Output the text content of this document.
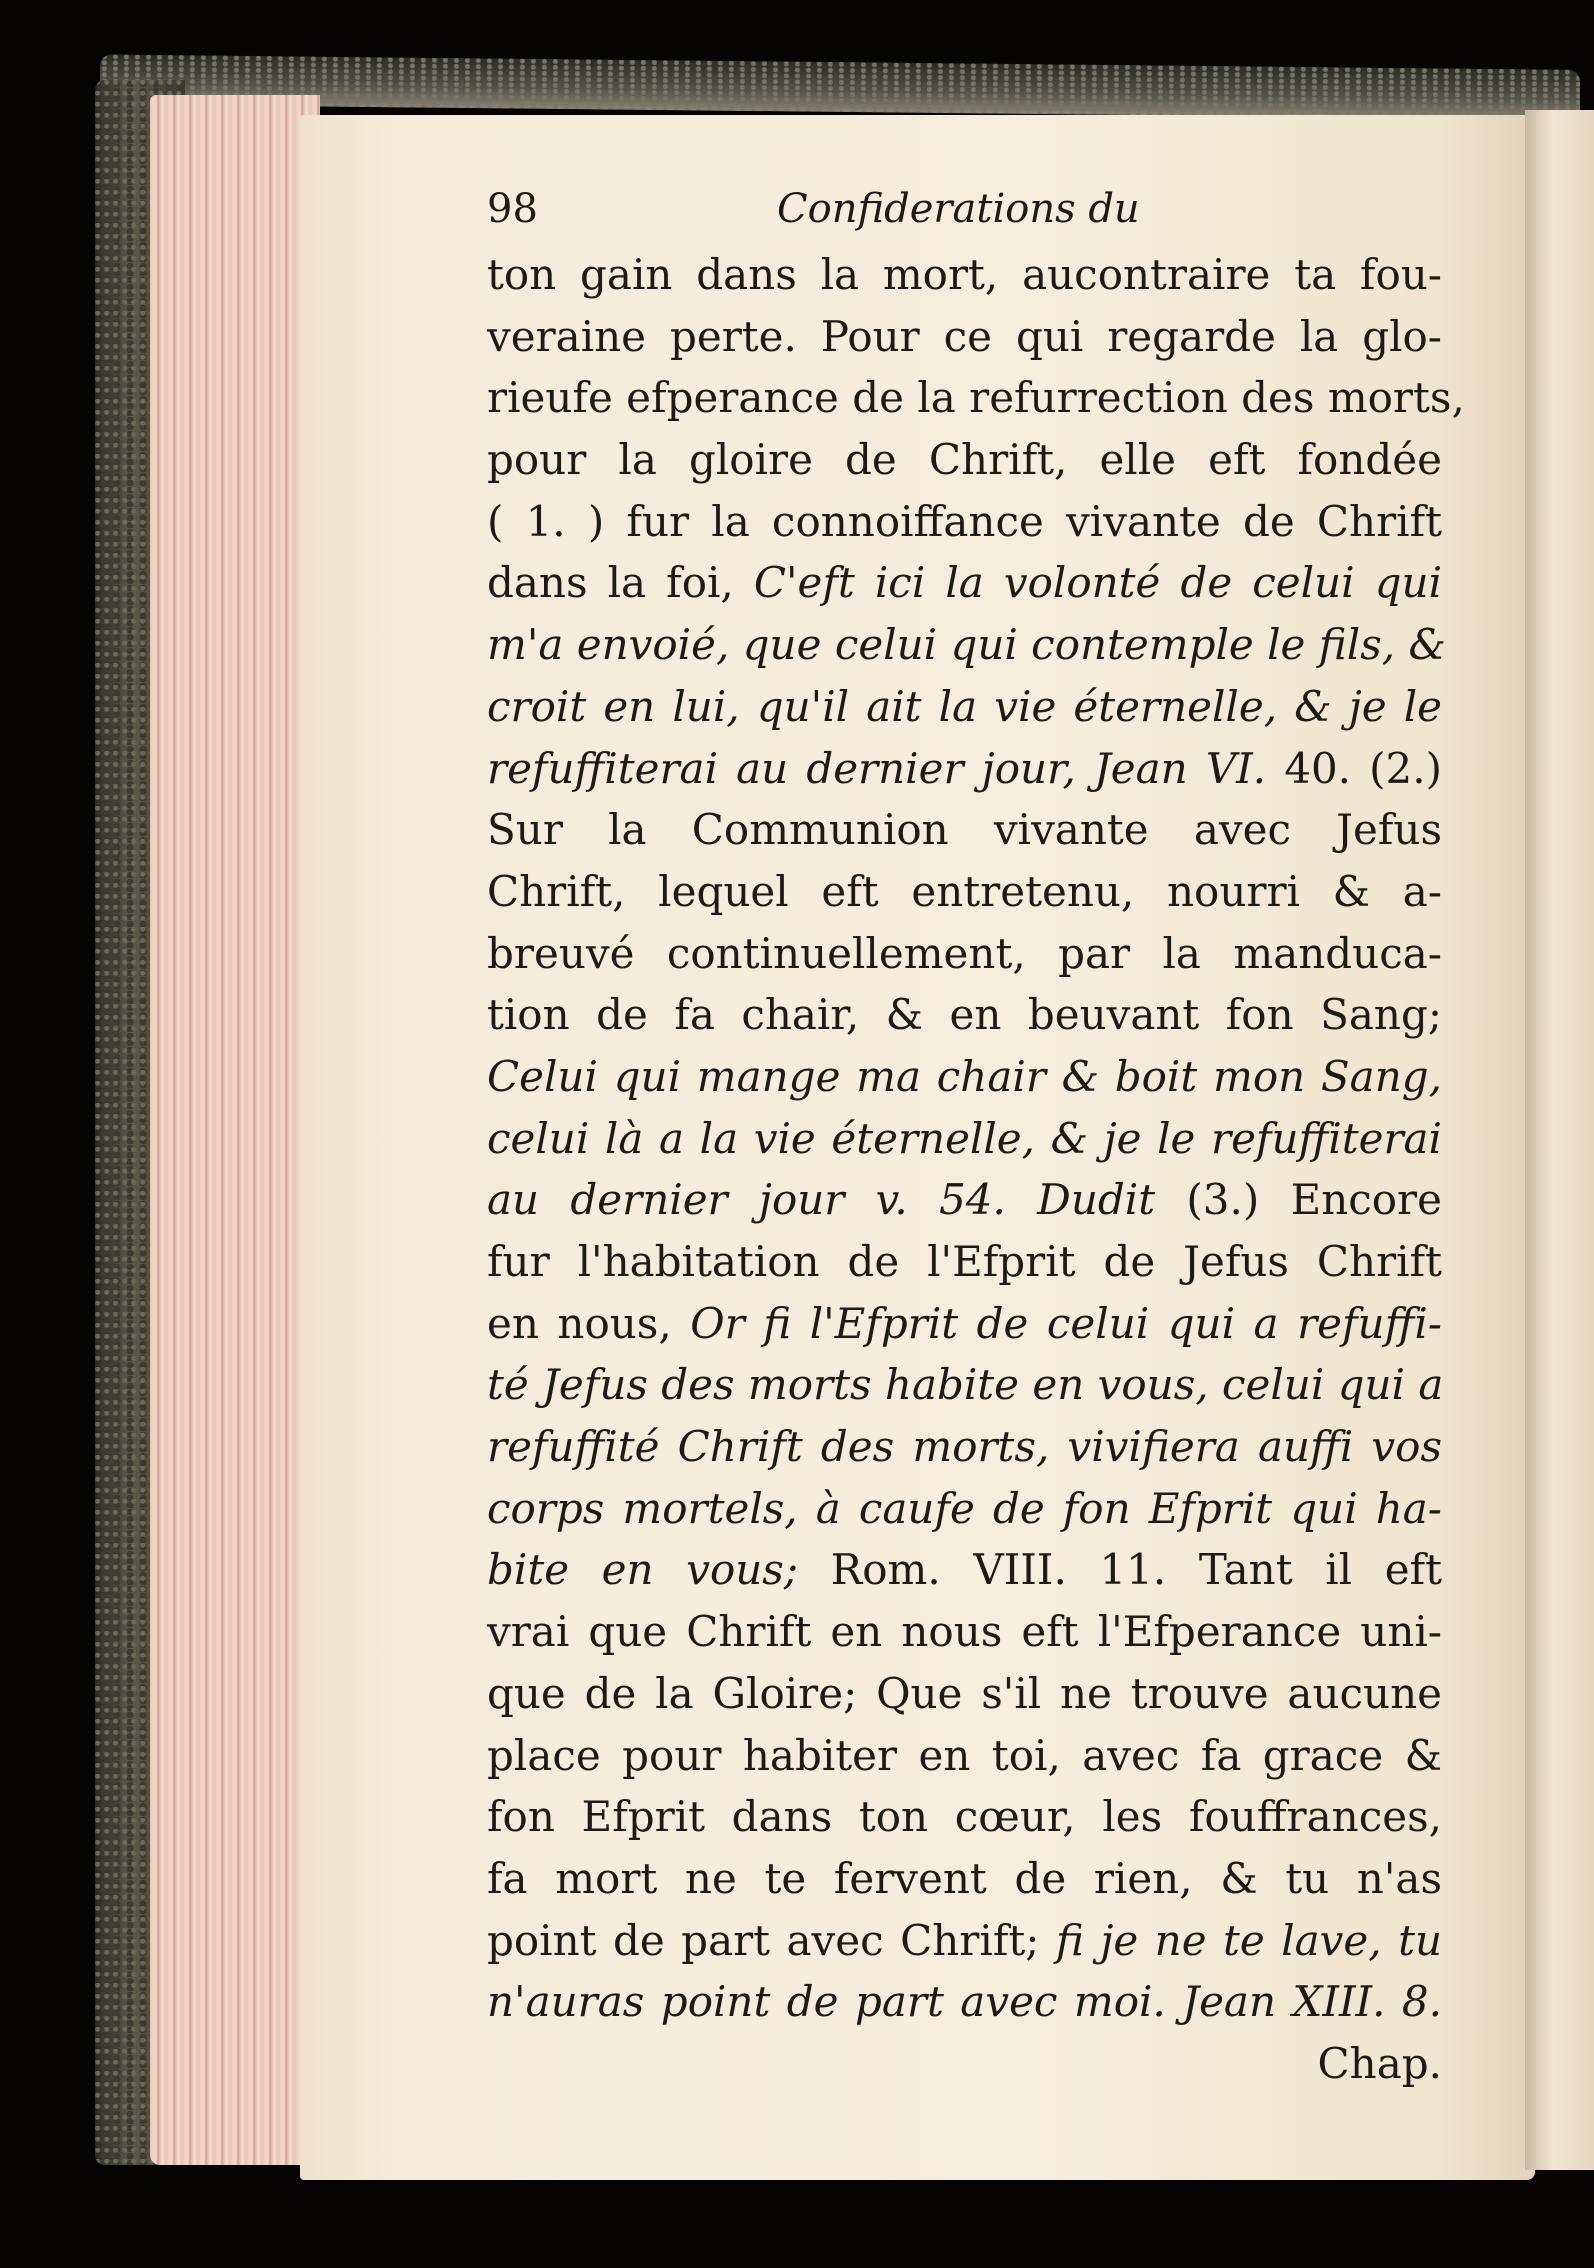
98	Confiderations du
ton gain dans la mort, aucontraire ta fou-
veraine perte. Pour ce qui regarde la glo-
rieufe efperance de la refurrection des morts,
pour la gloire de Chrift, elle eft fondée
( 1. ) fur la connoiffance vivante de Chrift
dans la foi, C'eft ici la volonté de celui qui
m'a envoié, que celui qui contemple le fils, &
croit en lui, qu'il ait la vie éternelle, & je le
refuffiterai au dernier jour, Jean VI. 40. (2.)
Sur la Communion vivante avec Jefus
Chrift, lequel eft entretenu, nourri & a-
breuvé continuellement, par la manduca-
tion de fa chair, & en beuvant fon Sang;
Celui qui mange ma chair & boit mon Sang,
celui là a la vie éternelle, & je le refuffiterai
au dernier jour v. 54. Dudit (3.) Encore
fur l'habitation de l'Efprit de Jefus Chrift
en nous, Or fi l'Efprit de celui qui a refuffi-
té Jefus des morts habite en vous, celui qui a
refuffité Chrift des morts, vivifiera auffi vos
corps mortels, à caufe de fon Efprit qui ha-
bite en vous; Rom. VIII. 11. Tant il eft
vrai que Chrift en nous eft l'Efperance uni-
que de la Gloire; Que s'il ne trouve aucune
place pour habiter en toi, avec fa grace &
fon Efprit dans ton cœur, les fouffrances,
fa mort ne te fervent de rien, & tu n'as
point de part avec Chrift; fi je ne te lave, tu
n'auras point de part avec moi. Jean XIII. 8.
Chap.
